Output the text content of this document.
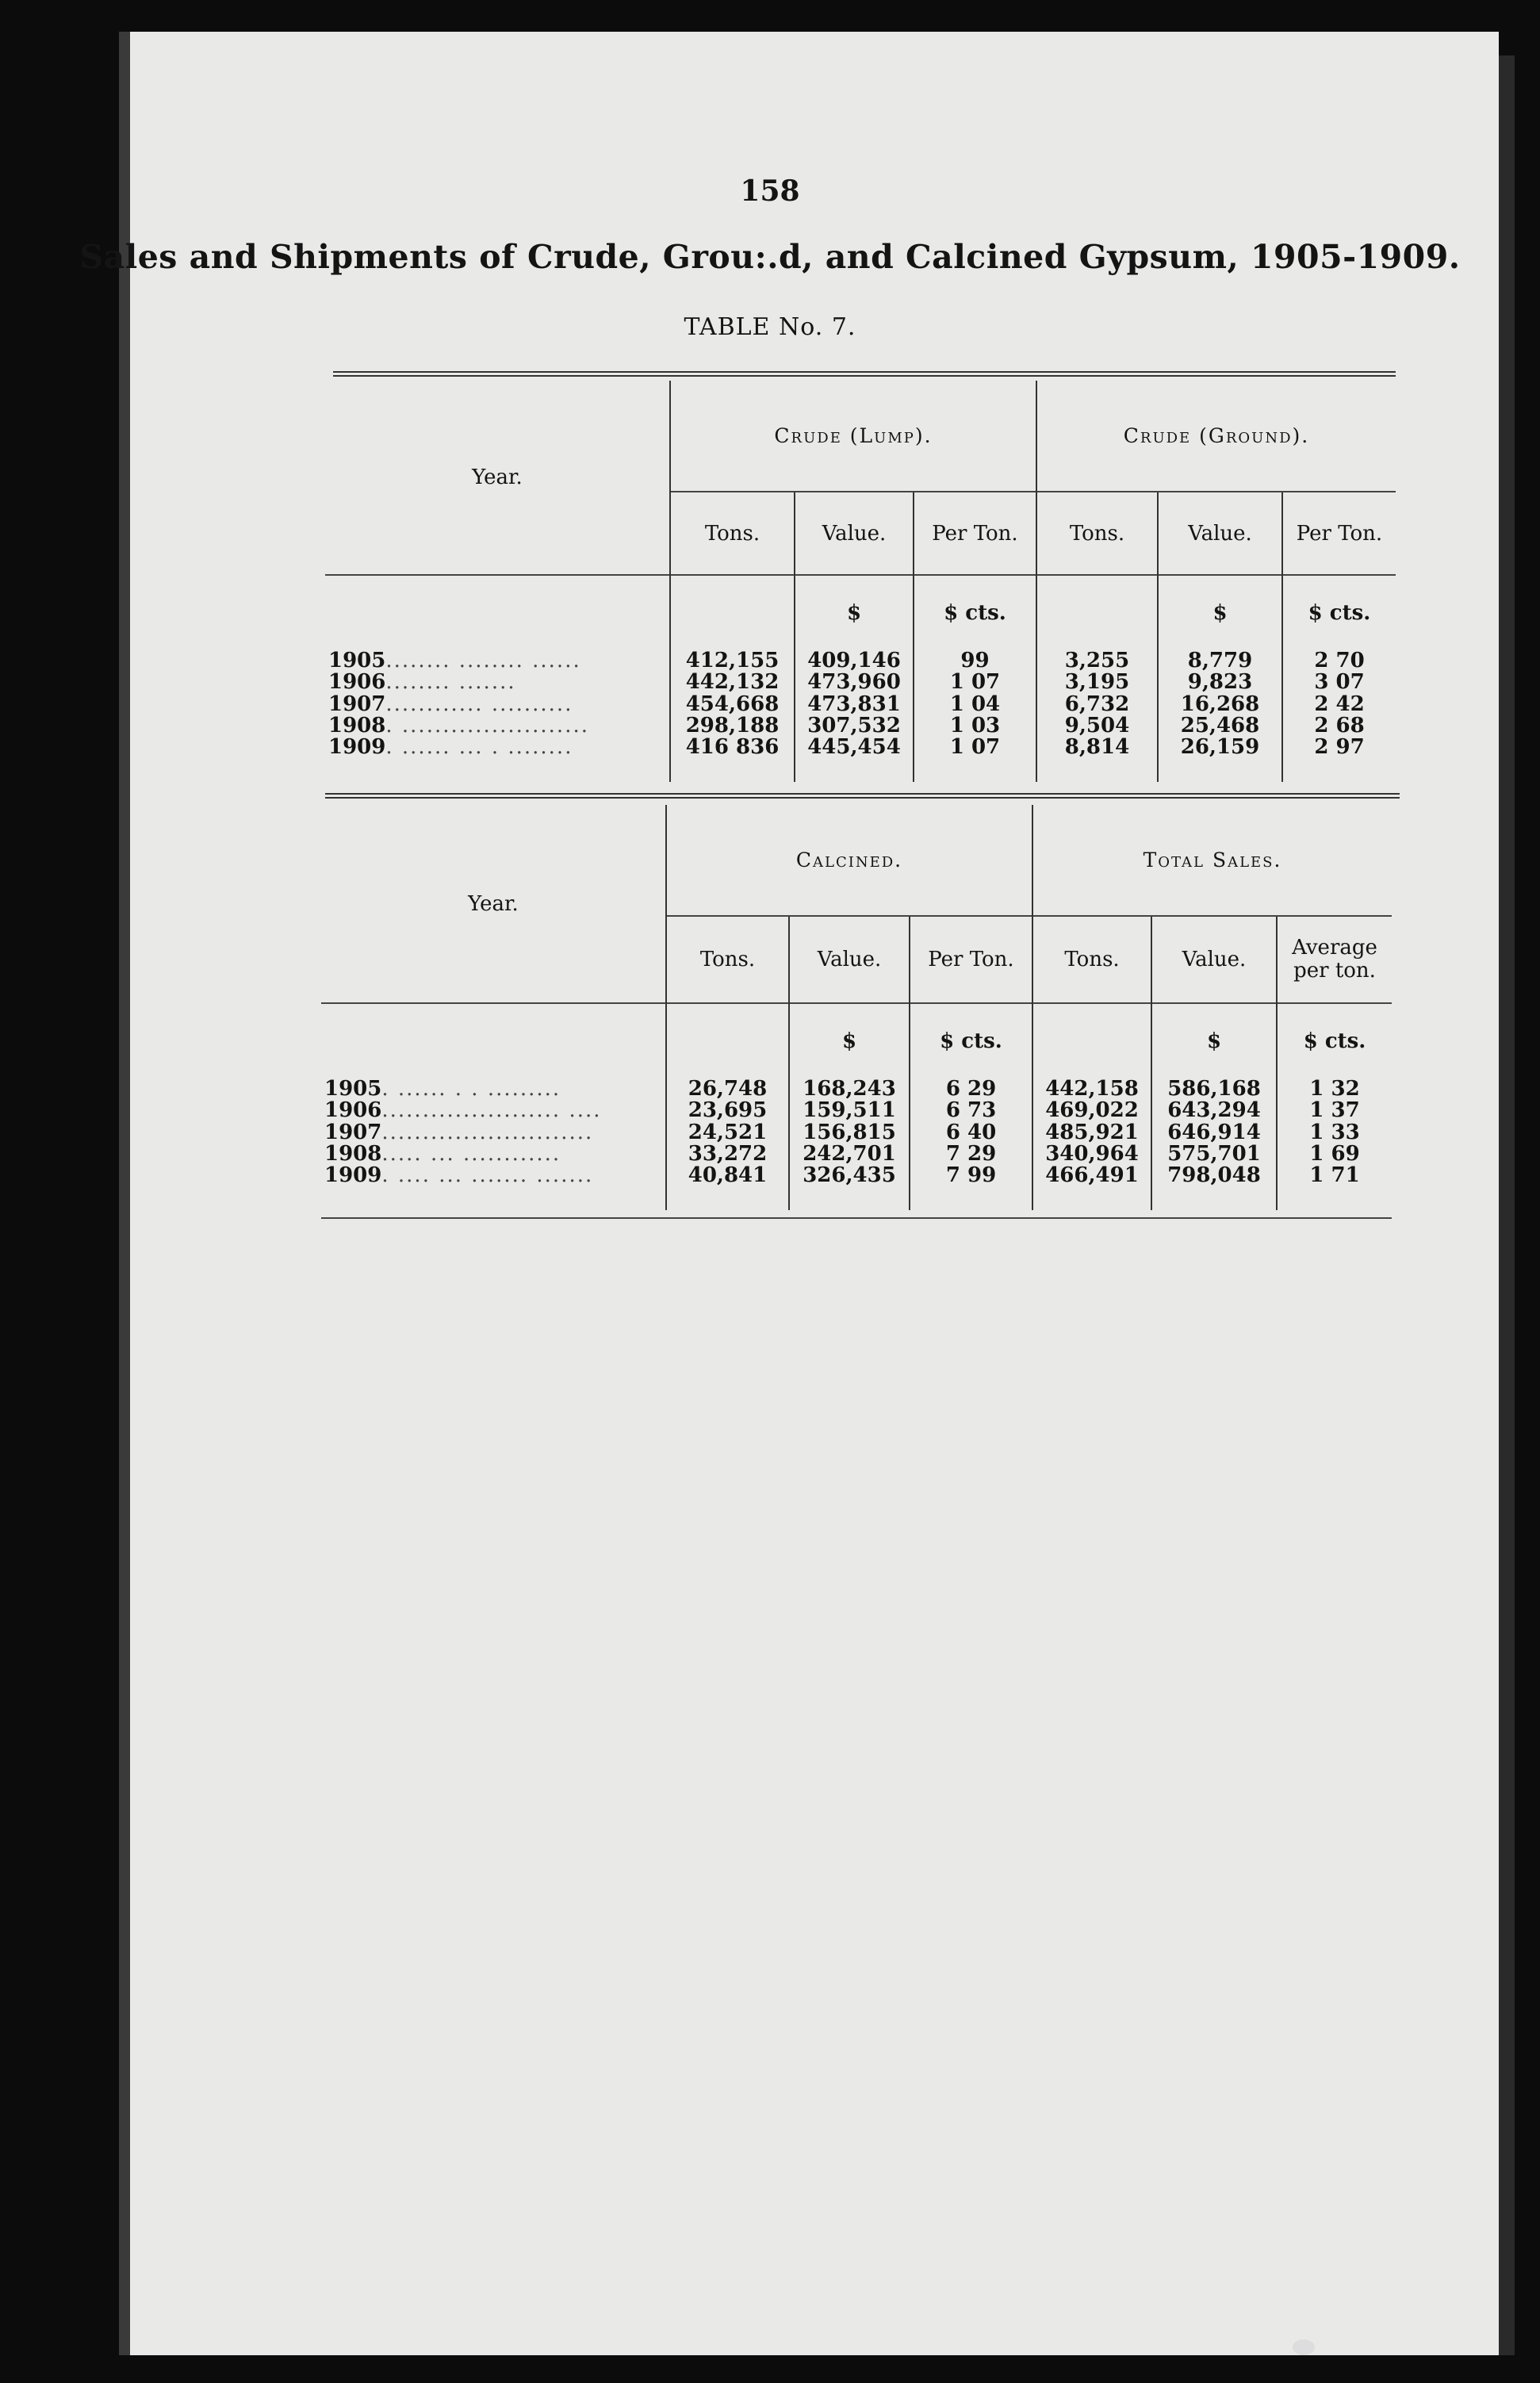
158
Sales and Shipments of Crude, Grou:.d, and Calcined Gypsum, 1905-1909.
TABLE No. 7.
Year.	Crude (Lump).			Crude (Ground).		
	Tons.	Value.	Per Ton.	Tons.	Value.	Per Ton.
		$	$ cts.		$	$ cts.
1905........ ........ ......	412,155	409,146	99	3,255	8,779	2 70
1906........ .......	442,132	473,960	1 07	3,195	9,823	3 07
1907............ ..........	454,668	473,831	1 04	6,732	16,268	2 42
1908. .......................	298,188	307,532	1 03	9,504	25,468	2 68
1909. ...... ... . ........	416 836	445,454	1 07	8,814	26,159	2 97
Year.	Calcined.			Total Sales.		
	Tons.	Value.	Per Ton.	Tons.	Value.	Average per ton.
		$	$ cts.		$	$ cts.
1905. ...... . . .........	26,748	168,243	6 29	442,158	586,168	1 32
1906...................... ....	23,695	159,511	6 73	469,022	643,294	1 37
1907..........................	24,521	156,815	6 40	485,921	646,914	1 33
1908..... ... ............	33,272	242,701	7 29	340,964	575,701	1 69
1909. .... ... ....... .......	40,841	326,435	7 99	466,491	798,048	1 71
